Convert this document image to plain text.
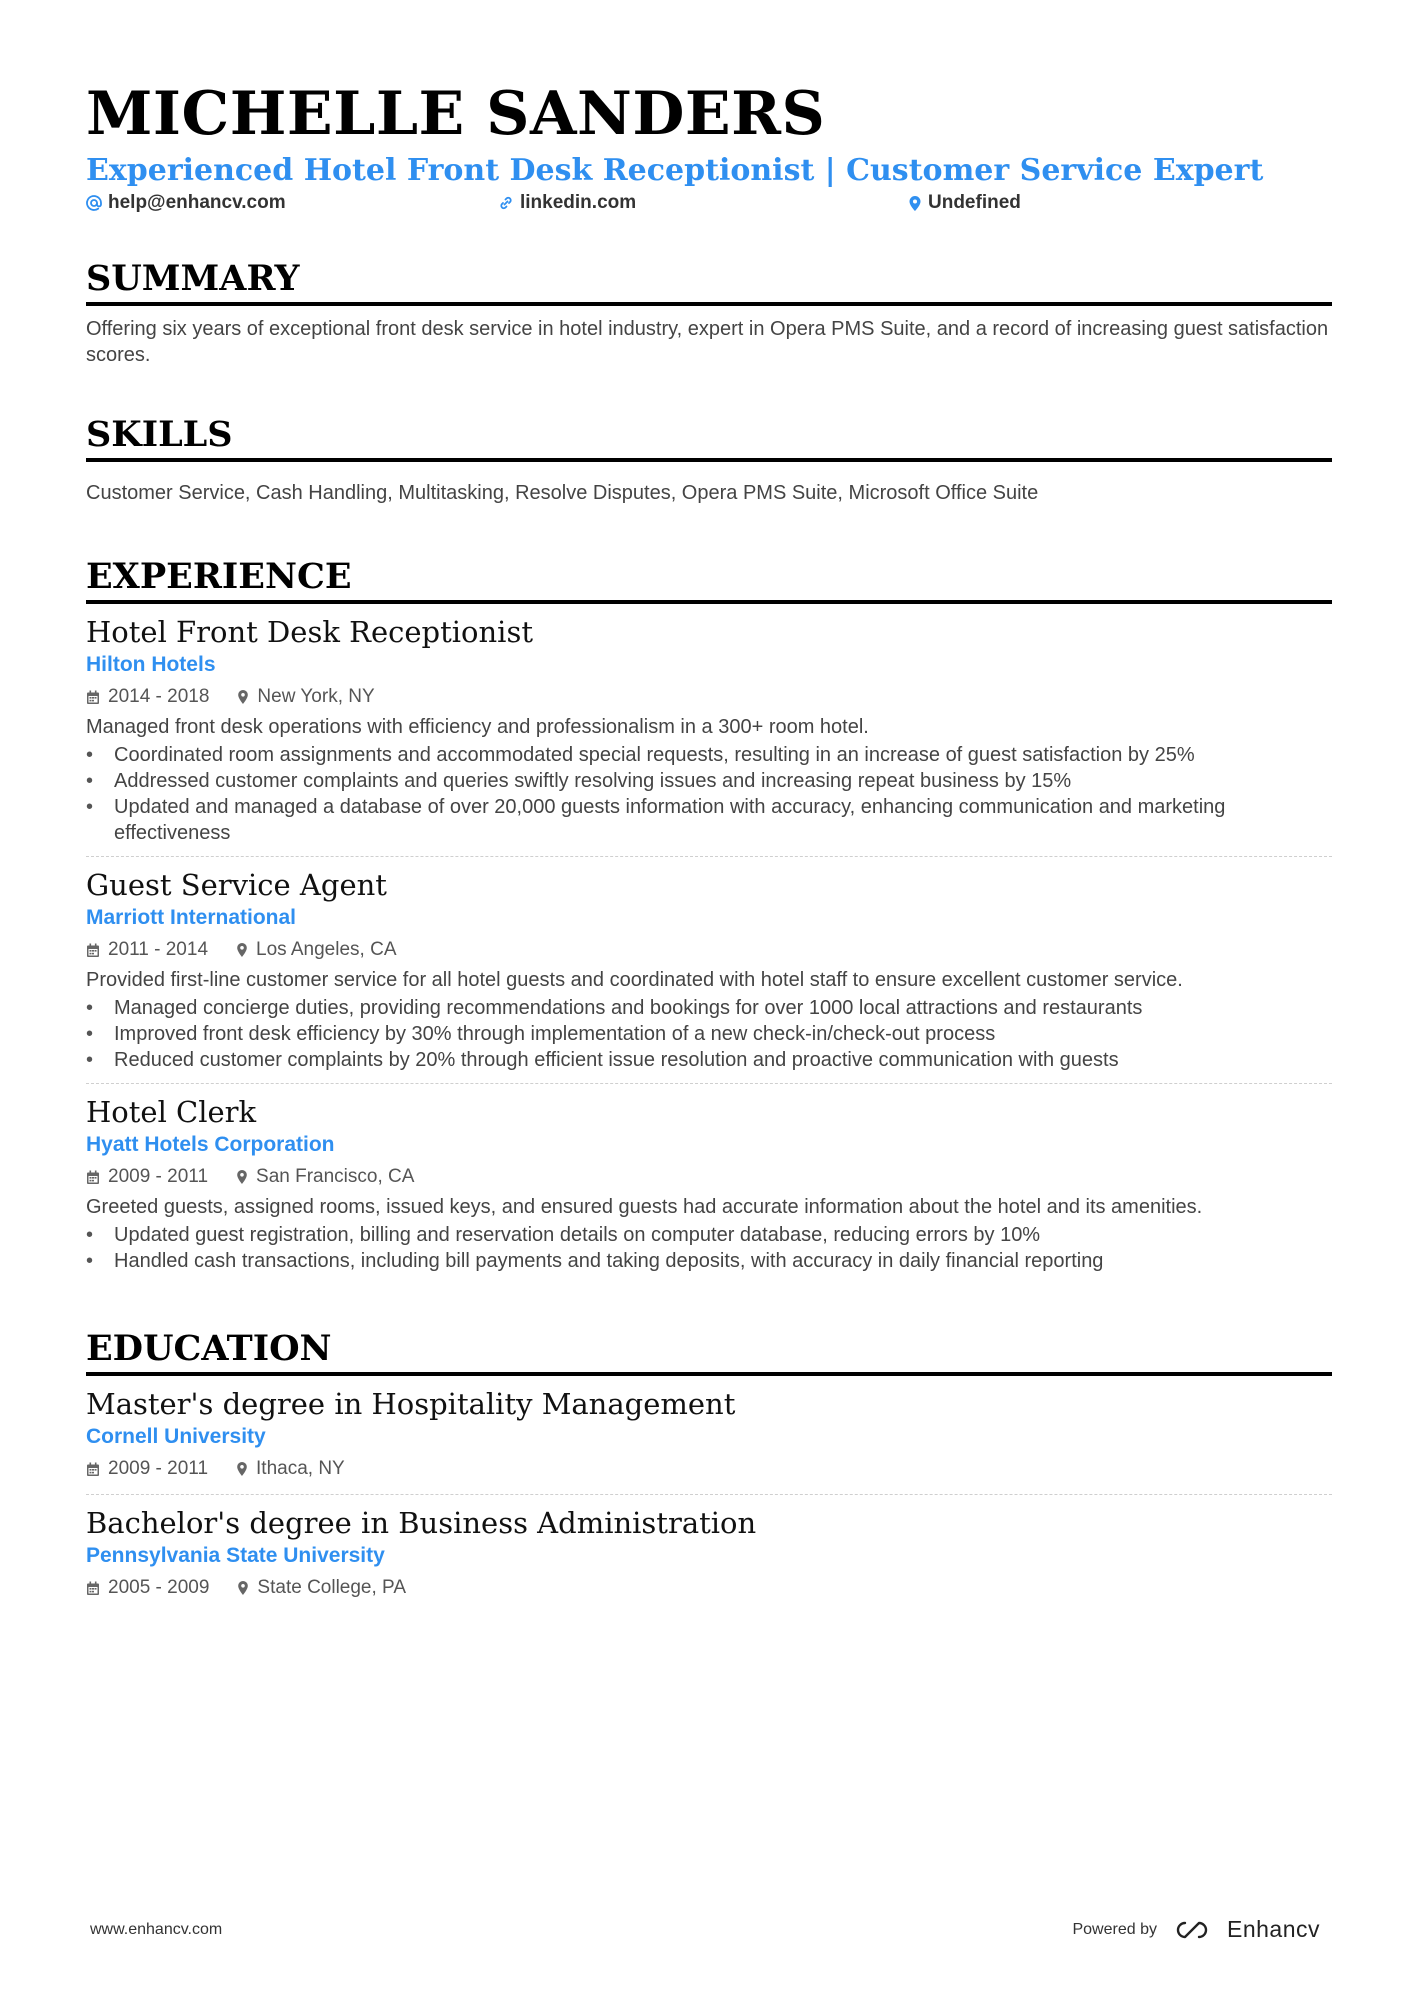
MICHELLE SANDERS
Experienced Hotel Front Desk Receptionist | Customer Service Expert
help@enhancv.com	linkedin.com	Undefined
SUMMARY
Offering six years of exceptional front desk service in hotel industry, expert in Opera PMS Suite, and a record of increasing guest satisfaction scores.
SKILLS
Customer Service, Cash Handling, Multitasking, Resolve Disputes, Opera PMS Suite, Microsoft Office Suite
EXPERIENCE
Hotel Front Desk Receptionist
Hilton Hotels
2014 - 2018	New York, NY
Managed front desk operations with efficiency and professionalism in a 300+ room hotel.
• Coordinated room assignments and accommodated special requests, resulting in an increase of guest satisfaction by 25%
• Addressed customer complaints and queries swiftly resolving issues and increasing repeat business by 15%
• Updated and managed a database of over 20,000 guests information with accuracy, enhancing communication and marketing effectiveness
Guest Service Agent
Marriott International
2011 - 2014	Los Angeles, CA
Provided first-line customer service for all hotel guests and coordinated with hotel staff to ensure excellent customer service.
• Managed concierge duties, providing recommendations and bookings for over 1000 local attractions and restaurants
• Improved front desk efficiency by 30% through implementation of a new check-in/check-out process
• Reduced customer complaints by 20% through efficient issue resolution and proactive communication with guests
Hotel Clerk
Hyatt Hotels Corporation
2009 - 2011	San Francisco, CA
Greeted guests, assigned rooms, issued keys, and ensured guests had accurate information about the hotel and its amenities.
• Updated guest registration, billing and reservation details on computer database, reducing errors by 10%
• Handled cash transactions, including bill payments and taking deposits, with accuracy in daily financial reporting
EDUCATION
Master's degree in Hospitality Management
Cornell University
2009 - 2011	Ithaca, NY
Bachelor's degree in Business Administration
Pennsylvania State University
2005 - 2009	State College, PA
www.enhancv.com	Powered by	Enhancv
